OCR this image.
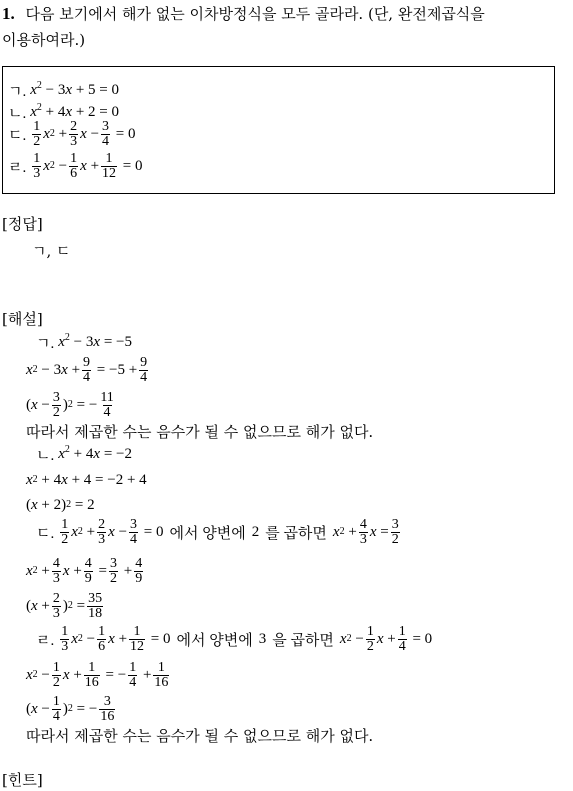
1. 다음 보기에서 해가 없는 이차방정식을 모두 골라라. (단, 완전제곱식을
이용하여라.)
ㄱ. $x^2 - 3x + 5 = 0$
ㄴ. $x^2 + 4x + 2 = 0$
ㄷ. $\frac{1}{2}$ x $2 + \frac{2}{3}$ $x - \frac{3}{4} = 0$
ㄹ. $\frac{1}{3}$ x $2 - \frac{1}{6}$ $x + \frac{1}{12} = 0$
[정답]
ㄱ, ㄷ
[해설]
ㄱ. $x^2 - 3x = -5$
x 2 − 3 $x + \frac{9}{4} = -5 + \frac{9}{4}$
( $x - \frac{3}{2}$ ) 2 = − $\frac{11}{4}$
따라서 제곱한 수는 음수가 될 수 없으므로 해가 없다.
ㄴ. $x^2 + 4x = -2$
x 2 + 4 x + 4 = −2 + 4
( x + 2) 2 = 2
ㄷ. $\frac{1}{2}$ x $2 + \frac{2}{3}$ $x - \frac{3}{4} = 0$ 에서 양변에 2 를 곱하면 x $2 + \frac{4}{3}$ $x = \frac{3}{2}$
x $2 + \frac{4}{3}$ $x + \frac{4}{9} = \frac{3}{2} + \frac{4}{9}$
( $x + \frac{2}{3}$ ) $2 = \frac{35}{18}$
ㄹ. $\frac{1}{3}$ x $2 - \frac{1}{6}$ $x + \frac{1}{12} = 0$ 에서 양변에 3 을 곱하면 x $2 - \frac{1}{2}$ $x + \frac{1}{4} = 0$
x $2 - \frac{1}{2}$ $x + \frac{1}{16}$ = − $\frac{1}{4} + \frac{1}{16}$
( $x - \frac{1}{4}$ ) 2 = − $\frac{3}{16}$
따라서 제곱한 수는 음수가 될 수 없으므로 해가 없다.
[힌트]
